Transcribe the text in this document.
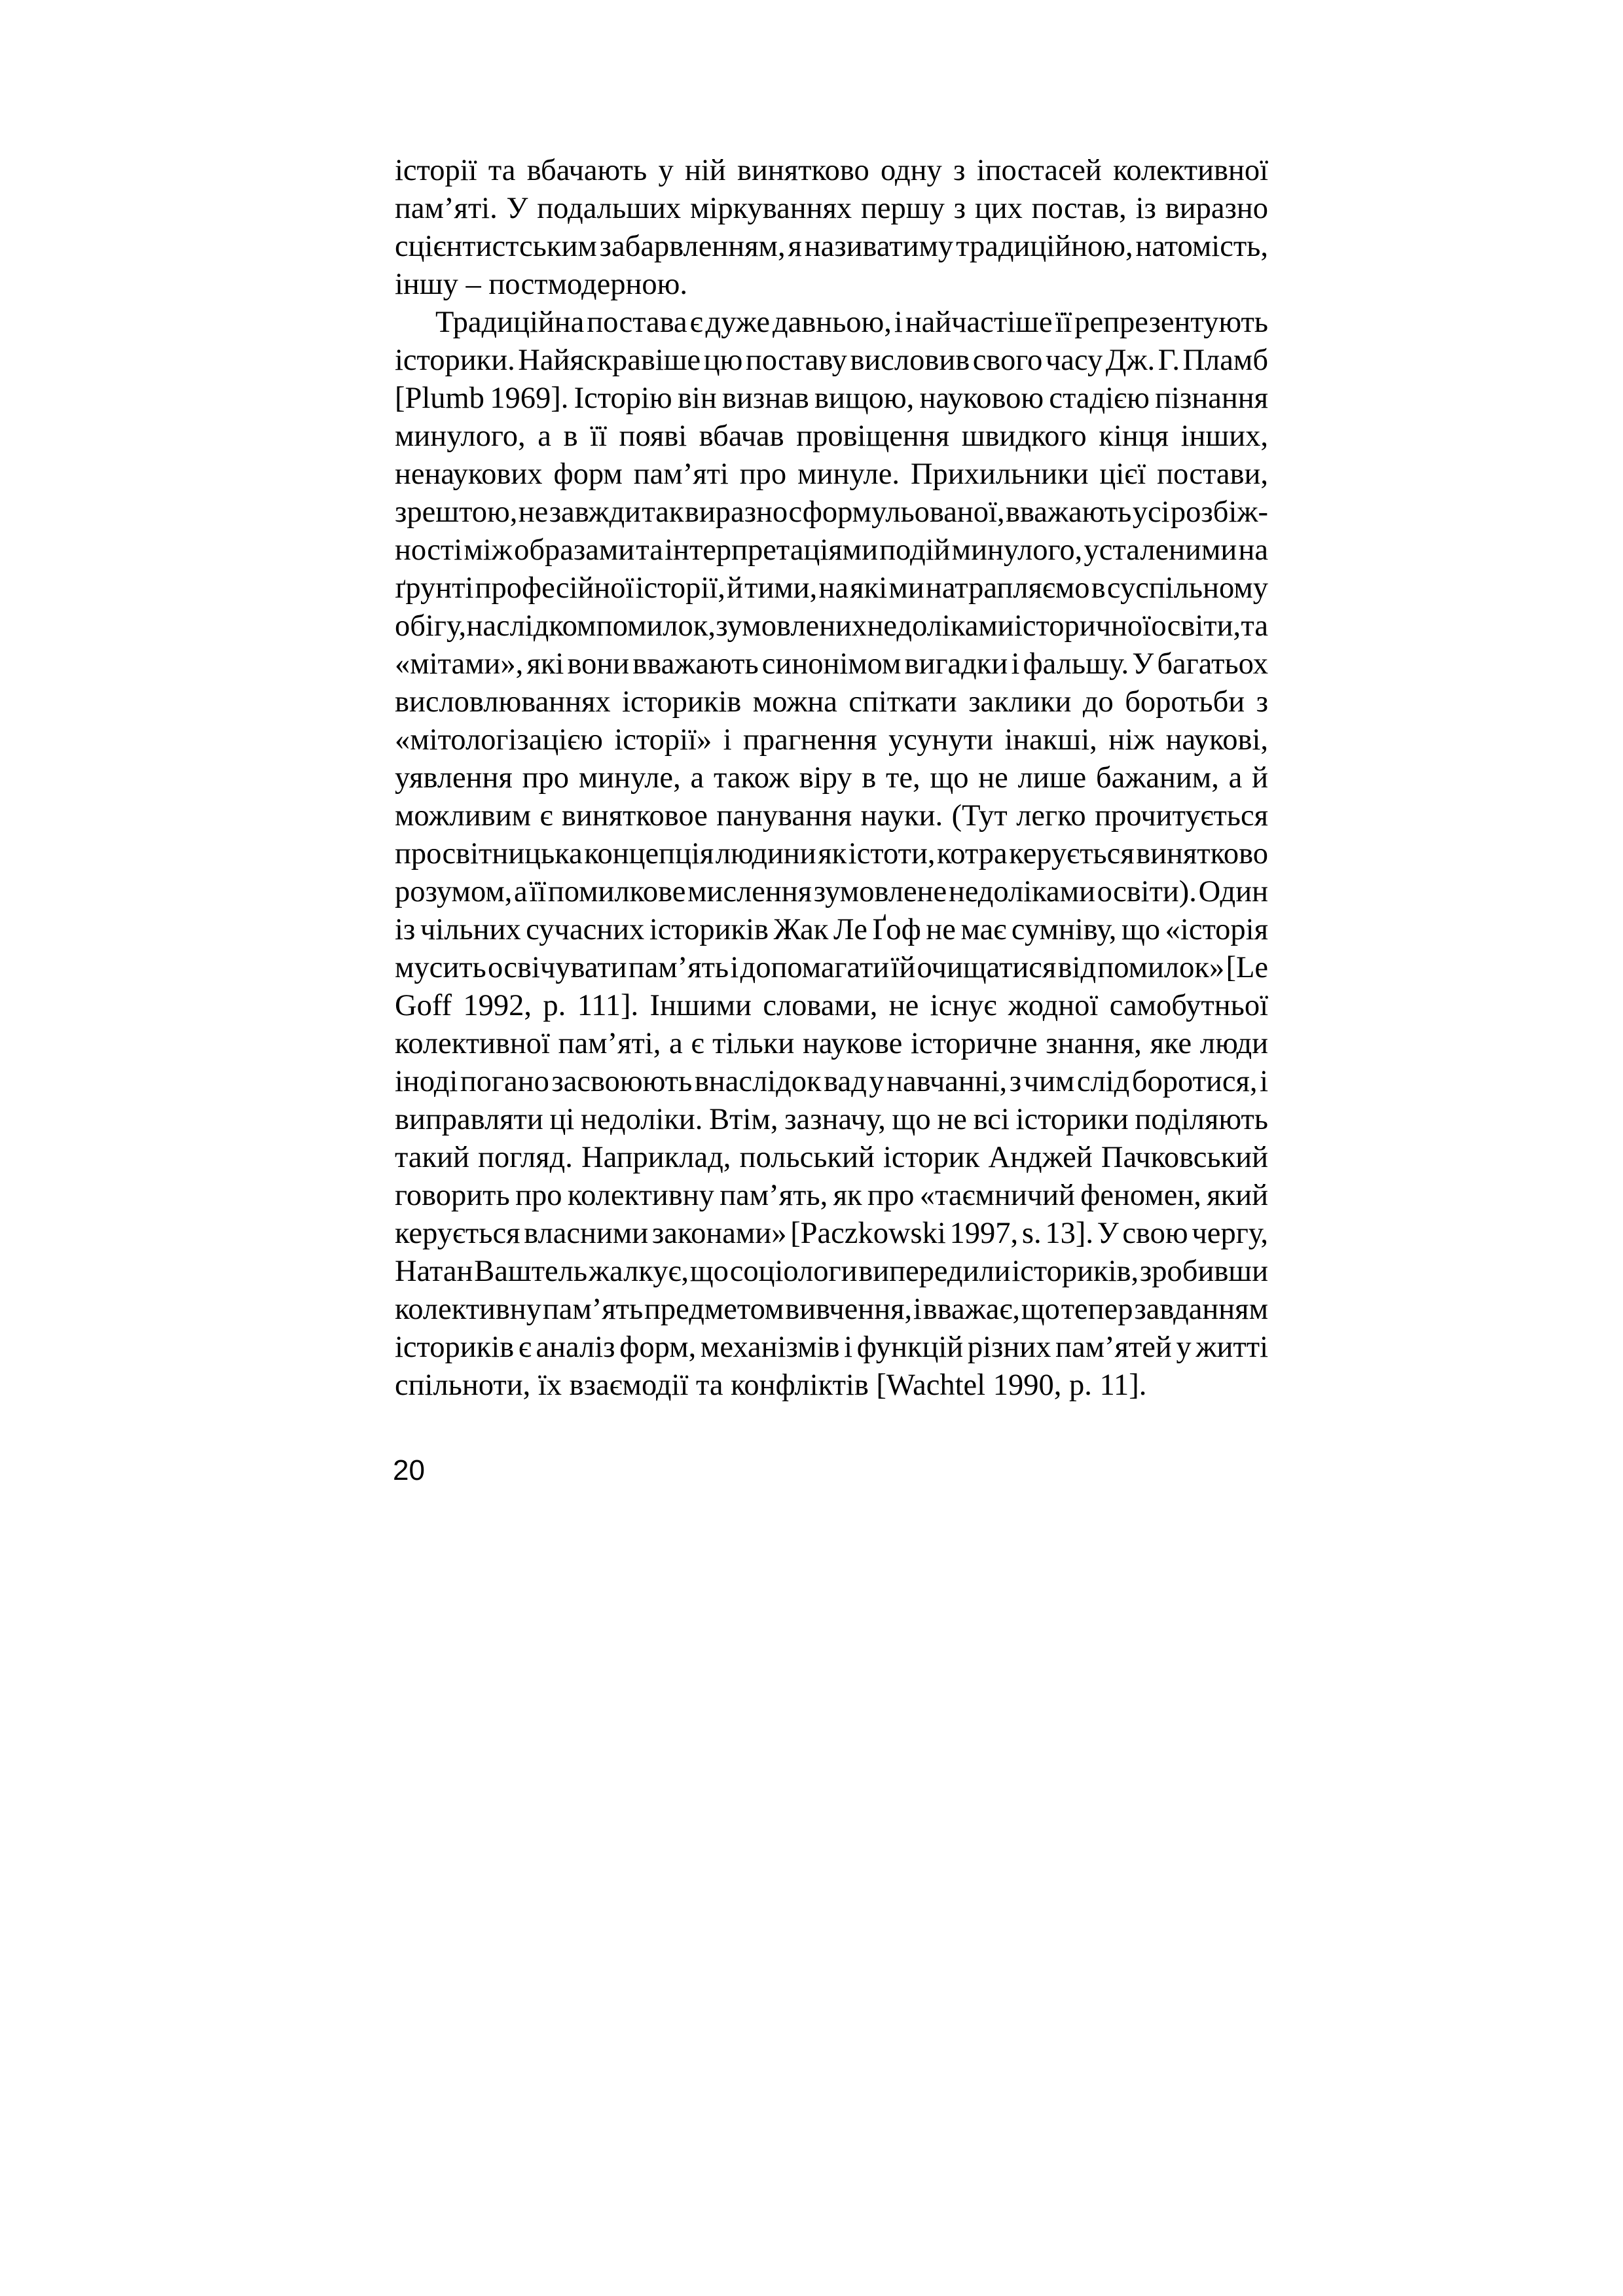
історії та вбачають у ній винятково одну з іпостасей колективної
пам’яті. У подальших міркуваннях першу з цих постав, із виразно
сцієнтистським забарвленням, я називатиму традиційною, натомість,
іншу – постмодерною.
Традиційна постава є дуже давньою, і найчастіше її репрезентують
історики. Найяскравіше цю поставу висловив свого часу Дж. Г. Пламб
[Plumb 1969]. Історію він визнав вищою, науковою стадією пізнання
минулого, а в її появі вбачав провіщення швидкого кінця інших,
ненаукових форм пам’яті про минуле. Прихильники цієї постави,
зрештою, не завжди так виразно сформульованої, вважають усі розбіж-
ності між образами та інтерпретаціями подій минулого, усталеними на
ґрунті професійної історії, й тими, на які ми натрапляємо в суспільному
обігу, наслідком помилок, зумовлених недоліками історичної освіти, та
«мітами», які вони вважають синонімом вигадки і фальшу. У багатьох
висловлюваннях істориків можна спіткати заклики до боротьби з
«мітологізацією історії» і прагнення усунути інакші, ніж наукові,
уявлення про минуле, а також віру в те, що не лише бажаним, а й
можливим є винятковое панування науки. (Тут легко прочитується
просвітницька концепція людини як істоти, котра керується винятково
розумом, а її помилкове мислення зумовлене недоліками освіти). Один
із чільних сучасних істориків Жак Ле Ґоф не має сумніву, що «історія
мусить освічувати пам’ять і допомагати їй очищатися від помилок» [Le
Goff 1992, p. 111]. Іншими словами, не існує жодної самобутньої
колективної пам’яті, а є тільки наукове історичне знання, яке люди
іноді погано засвоюють внаслідок вад у навчанні, з чим слід боротися, і
виправляти ці недоліки. Втім, зазначу, що не всі історики поділяють
такий погляд. Наприклад, польський історик Анджей Пачковський
говорить про колективну пам’ять, як про «таємничий феномен, який
керується власними законами» [Paczkowski 1997, s. 13]. У свою чергу,
Натан Ваштель жалкує, що соціологи випередили істориків, зробивши
колективну пам’ять предметом вивчення, і вважає, що тепер завданням
істориків є аналіз форм, механізмів і функцій різних пам’ятей у житті
спільноти, їх взаємодії та конфліктів [Wachtel 1990, p. 11].
20
